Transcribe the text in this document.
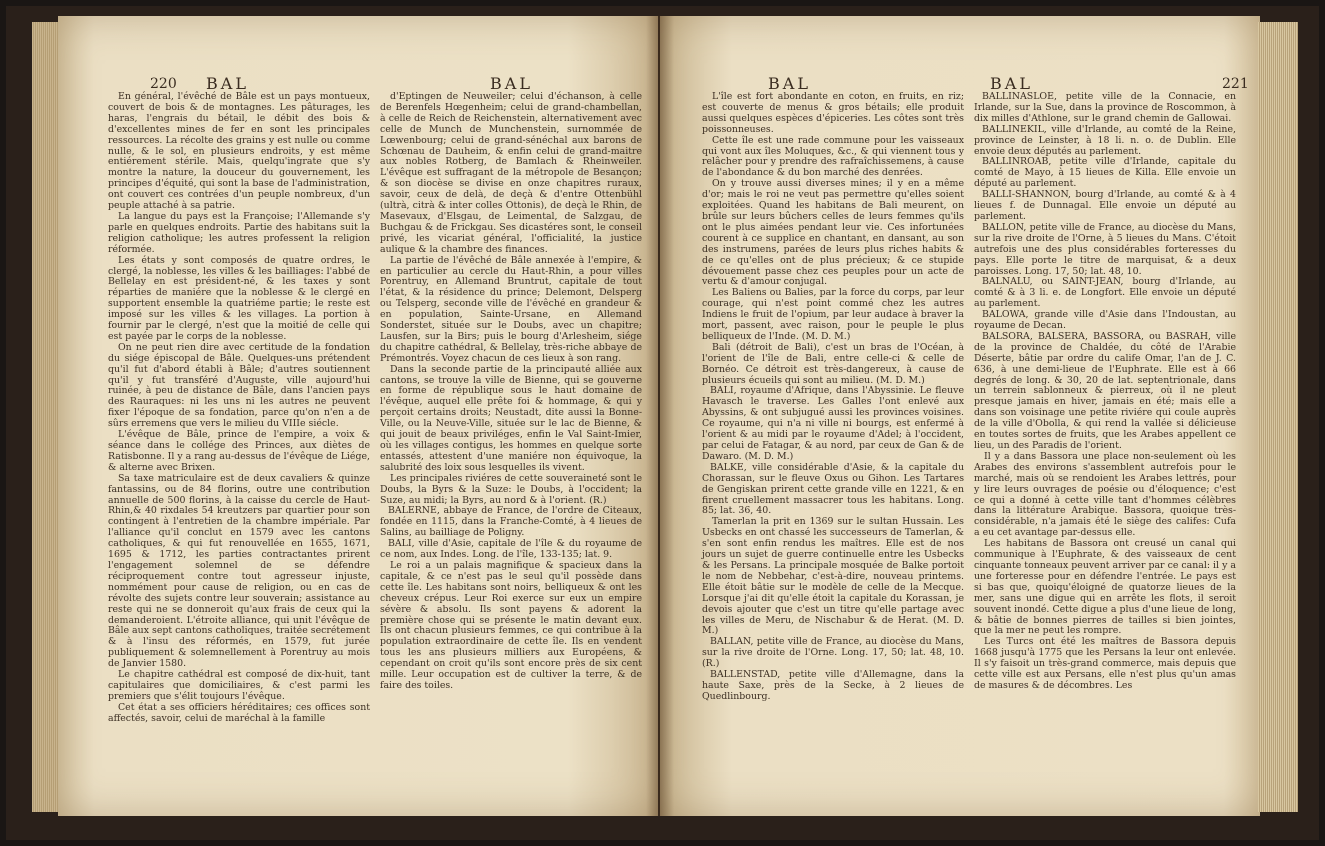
220 BAL	BAL

En général, l'évêché de Bâle est un pays montueux, couvert de bois & de montagnes. Les pâturages, les haras, l'engrais du bétail, le débit des bois & d'excellentes mines de fer en sont les principales ressources. La récolte des grains y est nulle ou comme nulle, & le sol, en plusieurs endroits, y est même entiérement stérile. Mais, quelqu'ingrate que s'y montre la nature, la douceur du gouvernement, les principes d'équité, qui sont la base de l'administration, ont couvert ces contrées d'un peuple nombreux, d'un peuple attaché à sa patrie.

La langue du pays est la Françoise; l'Allemande s'y parle en quelques endroits. Partie des habitans suit la religion catholique; les autres professent la religion réformée.

Les états y sont composés de quatre ordres, le clergé, la noblesse, les villes & les bailliages: l'abbé de Bellelay en est président-né, & les taxes y sont réparties de maniére que la noblesse & le clergé en supportent ensemble la quatriéme partie; le reste est imposé sur les villes & les villages. La portion à fournir par le clergé, n'est que la moitié de celle qui est payée par le corps de la noblesse.

On ne peut rien dire avec certitude de la fondation du siége épiscopal de Bâle. Quelques-uns prétendent qu'il fut d'abord établi à Bâle; d'autres soutiennent qu'il y fut transféré d'Auguste, ville aujourd'hui ruinée, à peu de distance de Bâle, dans l'ancien pays des Rauraques: ni les uns ni les autres ne peuvent fixer l'époque de sa fondation, parce qu'on n'en a de sûrs erremens que vers le milieu du VIIIe siécle.

L'évêque de Bâle, prince de l'empire, a voix & séance dans le collége des Princes, aux diètes de Ratisbonne. Il y a rang au-dessus de l'évêque de Liége, & alterne avec Brixen.

Sa taxe matriculaire est de deux cavaliers & quinze fantassins, ou de 84 florins, outre une contribution annuelle de 500 florins, à la caisse du cercle de Haut-Rhin,& 40 rixdales 54 kreutzers par quartier pour son contingent à l'entretien de la chambre impériale. Par l'alliance qu'il conclut en 1579 avec les cantons catholiques, & qui fut renouvellée en 1655, 1671, 1695 & 1712, les parties contractantes prirent l'engagement solemnel de se défendre réciproquement contre tout agresseur injuste, nommément pour cause de religion, ou en cas de révolte des sujets contre leur souverain; assistance au reste qui ne se donneroit qu'aux frais de ceux qui la demanderoient. L'étroite alliance, qui unit l'évêque de Bâle aux sept cantons catholiques, traitée secrétement & à l'insu des réformés, en 1579, fut jurée publiquement & solemnellement à Porentruy au mois de Janvier 1580.

Le chapitre cathédral est composé de dix-huit, tant capitulaires que domiciliaires, & c'est parmi les premiers que s'élit toujours l'évêque.

Cet état a ses officiers héréditaires; ces offices sont affectés, savoir, celui de maréchal à la famille

d'Eptingen de Neuweiler; celui d'échanson, à celle de Berenfels Hœgenheim; celui de grand-chambellan, à celle de Reich de Reichenstein, alternativement avec celle de Munch de Munchenstein, surnommée de Lœwenbourg; celui de grand-sénéchal aux barons de Schœnau de Dauheim, & enfin celui de grand-maitre aux nobles Rotberg, de Bamlach & Rheinweiler. L'évêque est suffragant de la métropole de Besançon; & son diocèse se divise en onze chapitres ruraux, savoir, ceux de delà, de deçà & d'entre Ottenbühl (ultrà, citrà & inter colles Ottonis), de deçà le Rhin, de Masevaux, d'Elsgau, de Leimental, de Salzgau, de Buchgau & de Frickgau. Ses dicastéres sont, le conseil privé, les vicariat général, l'officialité, la justice aulique & la chambre des finances.

La partie de l'évêché de Bâle annexée à l'empire, & en particulier au cercle du Haut-Rhin, a pour villes Porentruy, en Allemand Bruntrut, capitale de tout l'état, & la résidence du prince; Delemont, Delsperg ou Telsperg, seconde ville de l'évêché en grandeur & en population, Sainte-Ursane, en Allemand Sonderstet, située sur le Doubs, avec un chapitre; Lausfen, sur la Birs; puis le bourg d'Arlesheim, siége du chapitre cathédral, & Bellelay, très-riche abbaye de Prémontrés. Voyez chacun de ces lieux à son rang.

Dans la seconde partie de la principauté alliée aux cantons, se trouve la ville de Bienne, qui se gouverne en forme de république sous le haut domaine de l'évêque, auquel elle prête foi & hommage, & qui y perçoit certains droits; Neustadt, dite aussi la Bonne-Ville, ou la Neuve-Ville, située sur le lac de Bienne, & qui jouit de beaux priviléges, enfin le Val Saint-Imier, où les villages contigus, les hommes en quelque sorte entassés, attestent d'une maniére non équivoque, la salubrité des loix sous lesquelles ils vivent.

Les principales riviéres de cette souveraineté sont le Doubs, la Byrs & la Suze: le Doubs, à l'occident; la Suze, au midi; la Byrs, au nord & à l'orient. (R.)

BALERNE, abbaye de France, de l'ordre de Citeaux, fondée en 1115, dans la Franche-Comté, à 4 lieues de Salins, au bailliage de Poligny.

BALI, ville d'Asie, capitale de l'île & du royaume de ce nom, aux Indes. Long. de l'île, 133-135; lat. 9.

Le roi a un palais magnifique & spacieux dans la capitale, & ce n'est pas le seul qu'il possède dans cette île. Les habitans sont noirs, belliqueux & ont les cheveux crépus. Leur Roi exerce sur eux un empire sévère & absolu. Ils sont payens & adorent la première chose qui se présente le matin devant eux. Ils ont chacun plusieurs femmes, ce qui contribue à la population extraordinaire de cette île. Ils en vendent tous les ans plusieurs milliers aux Européens, & cependant on croit qu'ils sont encore près de six cent mille. Leur occupation est de cultiver la terre, & de faire des toiles.

BAL	BAL	221

L'île est fort abondante en coton, en fruits, en riz; est couverte de menus & gros bétails; elle produit aussi quelques espèces d'épiceries. Les côtes sont très poissonneuses.

Cette île est une rade commune pour les vaisseaux qui vont aux îles Moluques, &c., & qui viennent tous y relâcher pour y prendre des rafraîchissemens, à cause de l'abondance & du bon marché des denrées.

On y trouve aussi diverses mines; il y en a même d'or; mais le roi ne veut pas permettre qu'elles soient exploitées. Quand les habitans de Bali meurent, on brûle sur leurs bûchers celles de leurs femmes qu'ils ont le plus aimées pendant leur vie. Ces infortunées courent à ce supplice en chantant, en dansant, au son des instrumens, parées de leurs plus riches habits & de ce qu'elles ont de plus précieux; & ce stupide dévouement passe chez ces peuples pour un acte de vertu & d'amour conjugal.

Les Baliens ou Balies, par la force du corps, par leur courage, qui n'est point commé chez les autres Indiens le fruit de l'opium, par leur audace à braver la mort, passent, avec raison, pour le peuple le plus belliqueux de l'Inde. (M. D. M.)

Bali (détroit de Bali), c'est un bras de l'Océan, à l'orient de l'île de Bali, entre celle-ci & celle de Bornéo. Ce détroit est très-dangereux, à cause de plusieurs écueils qui sont au milieu. (M. D. M.)

BALI, royaume d'Afrique, dans l'Abyssinie. Le fleuve Havasch le traverse. Les Galles l'ont enlevé aux Abyssins, & ont subjugué aussi les provinces voisines. Ce royaume, qui n'a ni ville ni bourgs, est enfermé à l'orient & au midi par le royaume d'Adel; à l'occident, par celui de Fatagar, & au nord, par ceux de Gan & de Dawaro. (M. D. M.)

BALKE, ville considérable d'Asie, & la capitale du Chorassan, sur le fleuve Oxus ou Gihon. Les Tartares de Gengiskan prirent cette grande ville en 1221, & en firent cruellement massacrer tous les habitans. Long. 85; lat. 36, 40.

Tamerlan la prit en 1369 sur le sultan Hussain. Les Usbecks en ont chassé les successeurs de Tamerlan, & s'en sont enfin rendus les maîtres. Elle est de nos jours un sujet de guerre continuelle entre les Usbecks & les Persans. La principale mosquée de Balke portoit le nom de Nebbehar, c'est-à-dire, nouveau printems. Elle étoit bâtie sur le modèle de celle de la Mecque. Lorsque j'ai dit qu'elle étoit la capitale du Korassan, je devois ajouter que c'est un titre qu'elle partage avec les villes de Meru, de Nischabur & de Herat. (M. D. M.)

BALLAN, petite ville de France, au diocèse du Mans, sur la rive droite de l'Orne. Long. 17, 50; lat. 48, 10. (R.)

BALLENSTAD, petite ville d'Allemagne, dans la haute Saxe, près de la Secke, à 2 lieues de Quedlinbourg.

BALLINASLOE, petite ville de la Connacie, en Irlande, sur la Sue, dans la province de Roscommon, à dix milles d'Athlone, sur le grand chemin de Gallowai.

BALLINEKIL, ville d'Irlande, au comté de la Reine, province de Leinster, à 18 li. n. o. de Dublin. Elle envoie deux députés au parlement.

BALLINROAB, petite ville d'Irlande, capitale du comté de Mayo, à 15 lieues de Killa. Elle envoie un député au parlement.

BALLI-SHANNON, bourg d'Irlande, au comté & à 4 lieues f. de Dunnagal. Elle envoie un député au parlement.

BALLON, petite ville de France, au diocèse du Mans, sur la rive droite de l'Orne, à 5 lieues du Mans. C'étoit autrefois une des plus considérables forteresses du pays. Elle porte le titre de marquisat, & a deux paroisses. Long. 17, 50; lat. 48, 10.

BALNALU, ou SAINT-JEAN, bourg d'Irlande, au comté & à 3 li. e. de Longfort. Elle envoie un député au parlement.

BALOWA, grande ville d'Asie dans l'Indoustan, au royaume de Decan.

BALSORA, BALSERA, BASSORA, ou BASRAH, ville de la province de Chaldée, du côté de l'Arabie Déserte, bâtie par ordre du calife Omar, l'an de J. C. 636, à une demi-lieue de l'Euphrate. Elle est à 66 degrés de long. & 30, 20 de lat. septentrionale, dans un terrein sablonneux & pierreux, où il ne pleut presque jamais en hiver, jamais en été; mais elle a dans son voisinage une petite riviére qui coule auprès de la ville d'Obolla, & qui rend la vallée si délicieuse en toutes sortes de fruits, que les Arabes appellent ce lieu, un des Paradis de l'orient.

Il y a dans Bassora une place non-seulement où les Arabes des environs s'assemblent autrefois pour le marché, mais où se rendoient les Arabes lettrés, pour y lire leurs ouvrages de poésie ou d'éloquence; c'est ce qui a donné à cette ville tant d'hommes célèbres dans la littérature Arabique. Bassora, quoique très-considérable, n'a jamais été le siège des califes: Cufa a eu cet avantage par-dessus elle.

Les habitans de Bassora ont creusé un canal qui communique à l'Euphrate, & des vaisseaux de cent cinquante tonneaux peuvent arriver par ce canal: il y a une forteresse pour en défendre l'entrée. Le pays est si bas que, quoiqu'éloigné de quatorze lieues de la mer, sans une digue qui en arrête les flots, il seroit souvent inondé. Cette digue a plus d'une lieue de long, & bâtie de bonnes pierres de tailles si bien jointes, que la mer ne peut les rompre.

Les Turcs ont été les maîtres de Bassora depuis 1668 jusqu'à 1775 que les Persans la leur ont enlevée. Il s'y faisoit un très-grand commerce, mais depuis que cette ville est aux Persans, elle n'est plus qu'un amas de masures & de décombres. Les
